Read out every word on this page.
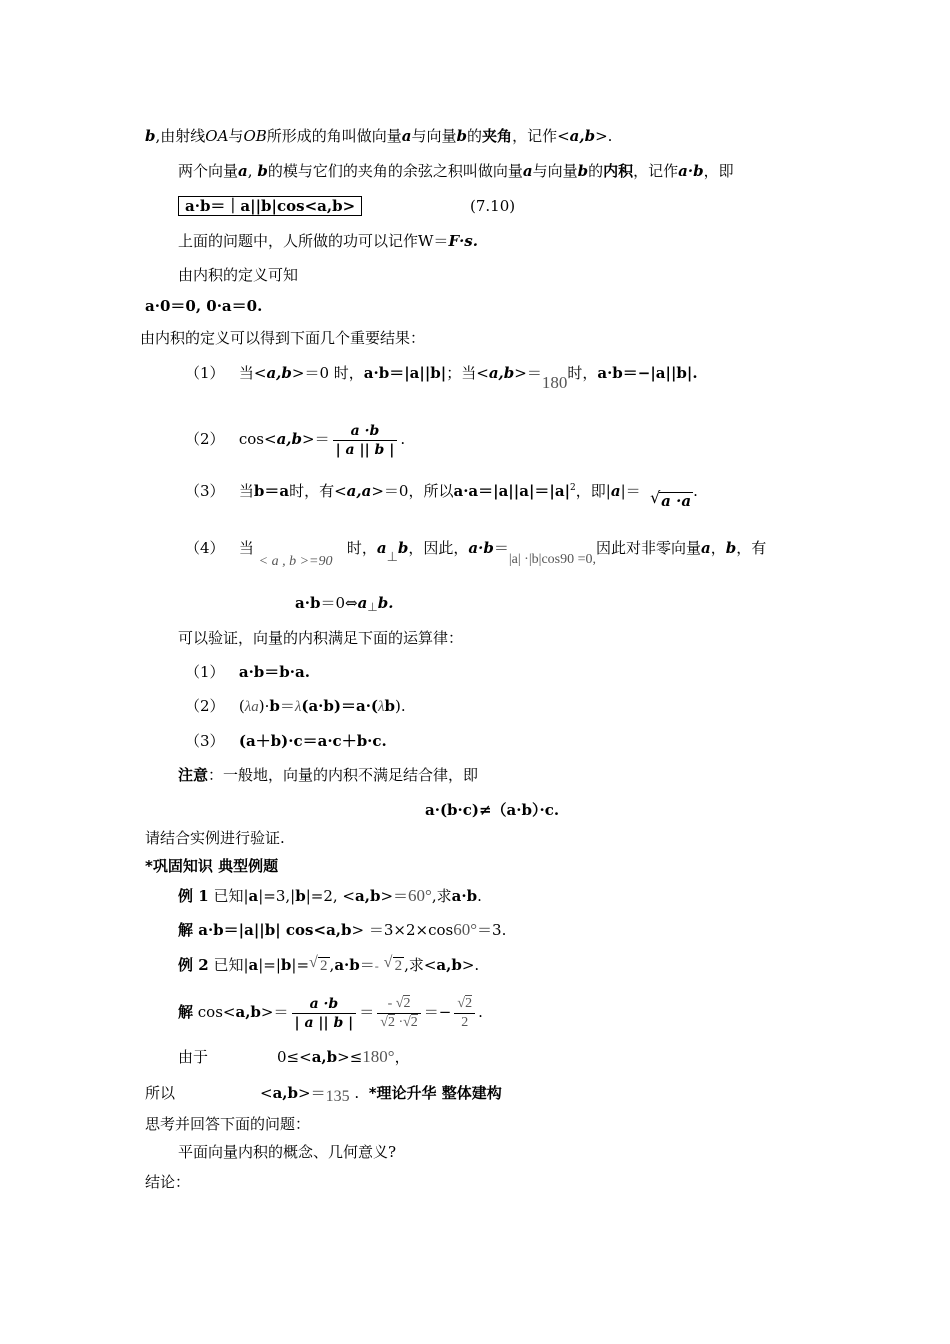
b,由射线OA与OB所形成的角叫做向量a与向量b的夹角，记作<a,b>.
两个向量a, b的模与它们的夹角的余弦之积叫做向量a与向量b的内积，记作a·b，即
a·b＝｜a||b|cos<a,b>	(7.10)
上面的问题中，人所做的功可以记作W＝F·s.
由内积的定义可知
a·0＝0, 0·a＝0.
由内积的定义可以得到下面几个重要结果：
（1） 当<a,b>＝0 时，a·b＝|a||b|；当<a,b>＝180时，a·b＝−|a||b|.
（2） $\cos<a,b>= \frac{a \cdot b}{| a || b |}$ .
（3） 当b＝a时，有<a,a>＝0，所以$a\cdot a=|a||a|=|a|^2$，即|a|＝ √ a ·a.
（4） 当 < a , b >=90   时，a⊥b，因此，a·b＝|a| ·|b|cos90 =0,因此对非零向量a，b，有
$a\cdot b=0\Leftrightarrow a_\perp b$.
可以验证，向量的内积满足下面的运算律：
（1） a·b＝b·a.
（2） (λa)·b＝λ(a·b)＝a·(λb).
（3） (a＋b)·c＝a·c＋b·c.
注意：一般地，向量的内积不满足结合律，即
a·(b·c)≠（a·b）·c.
请结合实例进行验证.
*巩固知识 典型例题
例 1 已知|a|=3,|b|=2, <a,b>＝60°,求a·b.
解 a·b＝|a||b| cos<a,b> ＝3×2×cos60°＝3.
例 2 已知|a|=|b|= √ 2 ,a·b＝- √ 2 ,求<a,b>.
解 $\cos<a,b>= \frac{a \cdot b}{| a || b |} = \frac{- √2}{√2 \cdot√2} =- \frac{√2}{2}$ .
由于	0≤<a,b>≤180°，
所以	<a,b>＝135 . *理论升华 整体建构
思考并回答下面的问题：
平面向量内积的概念、几何意义?
结论：
